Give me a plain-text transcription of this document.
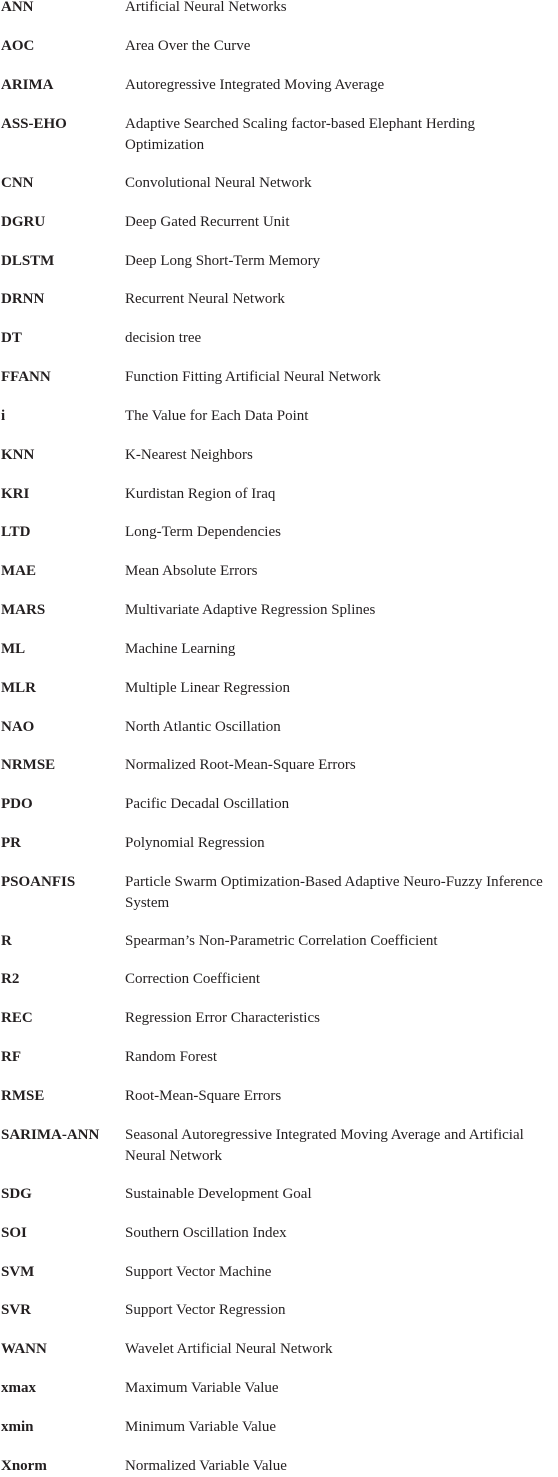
ANN	Artificial Neural Networks
AOC	Area Over the Curve
ARIMA	Autoregressive Integrated Moving Average
ASS-EHO	Adaptive Searched Scaling factor-based Elephant Herding Optimization
CNN	Convolutional Neural Network
DGRU	Deep Gated Recurrent Unit
DLSTM	Deep Long Short-Term Memory
DRNN	Recurrent Neural Network
DT	decision tree
FFANN	Function Fitting Artificial Neural Network
i	The Value for Each Data Point
KNN	K-Nearest Neighbors
KRI	Kurdistan Region of Iraq
LTD	Long-Term Dependencies
MAE	Mean Absolute Errors
MARS	Multivariate Adaptive Regression Splines
ML	Machine Learning
MLR	Multiple Linear Regression
NAO	North Atlantic Oscillation
NRMSE	Normalized Root-Mean-Square Errors
PDO	Pacific Decadal Oscillation
PR	Polynomial Regression
PSOANFIS	Particle Swarm Optimization-Based Adaptive Neuro-Fuzzy Inference System
R	Spearman’s Non-Parametric Correlation Coefficient
R2	Correction Coefficient
REC	Regression Error Characteristics
RF	Random Forest
RMSE	Root-Mean-Square Errors
SARIMA-ANN	Seasonal Autoregressive Integrated Moving Average and Artificial Neural Network
SDG	Sustainable Development Goal
SOI	Southern Oscillation Index
SVM	Support Vector Machine
SVR	Support Vector Regression
WANN	Wavelet Artificial Neural Network
xmax	Maximum Variable Value
xmin	Minimum Variable Value
Xnorm	Normalized Variable Value
